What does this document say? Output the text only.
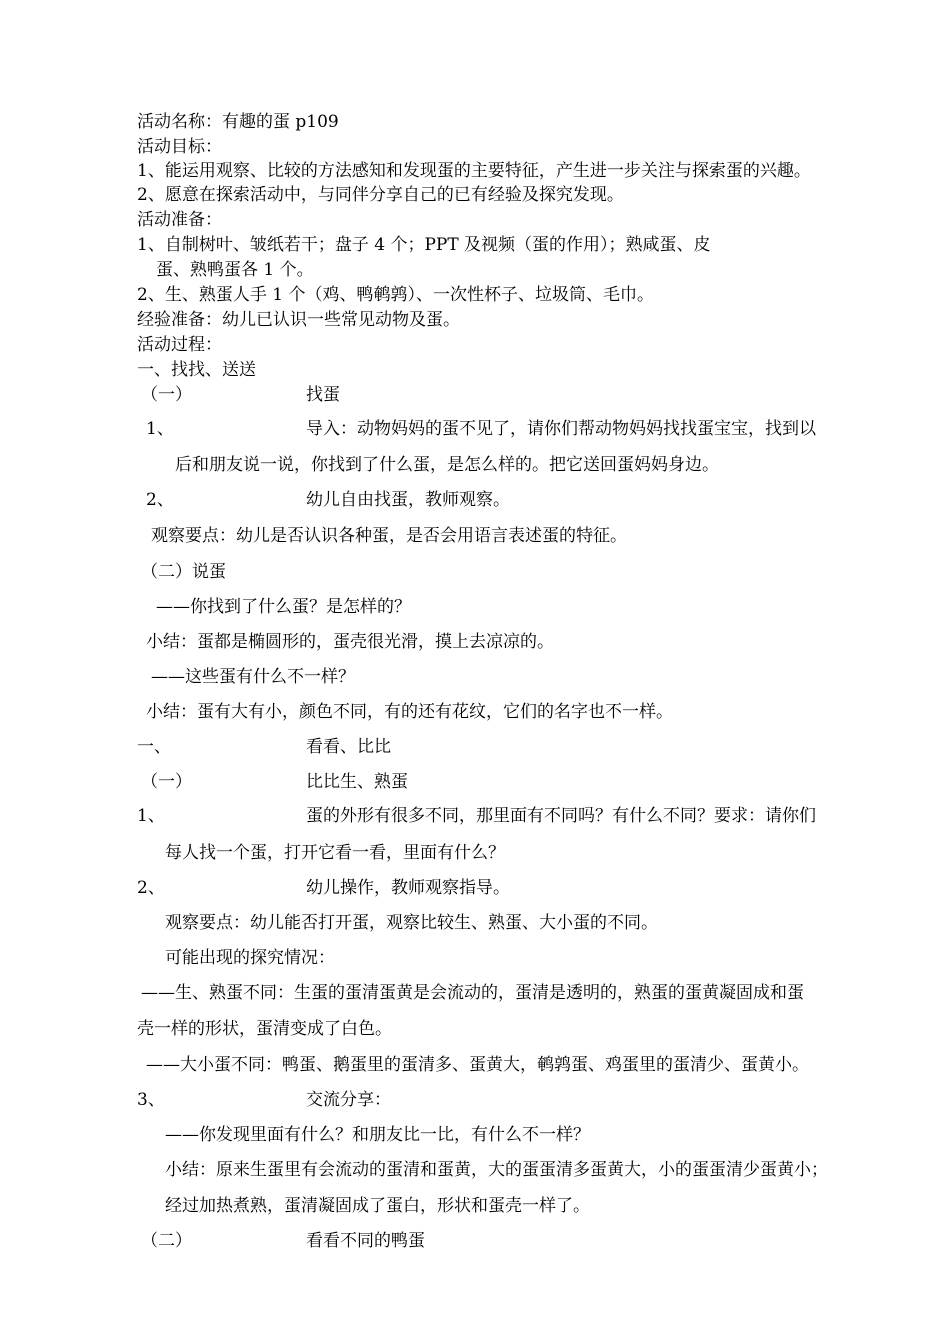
活动名称：有趣的蛋 p109
活动目标：
1、能运用观察、比较的方法感知和发现蛋的主要特征，产生进一步关注与探索蛋的兴趣。
2、愿意在探索活动中，与同伴分享自己的已有经验及探究发现。
活动准备：
1、自制树叶、皱纸若干；盘子 4 个；PPT 及视频（蛋的作用）；熟咸蛋、皮
蛋、熟鸭蛋各 1 个。
2、生、熟蛋人手 1 个（鸡、鸭鹌鹑）、一次性杯子、垃圾筒、毛巾。
经验准备：幼儿已认识一些常见动物及蛋。
活动过程：
一、找找、送送
（一）	找蛋
1、	导入：动物妈妈的蛋不见了，请你们帮动物妈妈找找蛋宝宝，找到以
后和朋友说一说，你找到了什么蛋，是怎么样的。把它送回蛋妈妈身边。
2、	幼儿自由找蛋，教师观察。
观察要点：幼儿是否认识各种蛋，是否会用语言表述蛋的特征。
（二）说蛋
——你找到了什么蛋？是怎样的？
小结：蛋都是椭圆形的，蛋壳很光滑，摸上去凉凉的。
——这些蛋有什么不一样？
小结：蛋有大有小，颜色不同，有的还有花纹，它们的名字也不一样。
一、	看看、比比
（一）	比比生、熟蛋
1、	蛋的外形有很多不同，那里面有不同吗？有什么不同？要求：请你们
每人找一个蛋，打开它看一看，里面有什么？
2、	幼儿操作，教师观察指导。
观察要点：幼儿能否打开蛋，观察比较生、熟蛋、大小蛋的不同。
可能出现的探究情况：
——生、熟蛋不同：生蛋的蛋清蛋黄是会流动的，蛋清是透明的，熟蛋的蛋黄凝固成和蛋
壳一样的形状，蛋清变成了白色。
——大小蛋不同：鸭蛋、鹅蛋里的蛋清多、蛋黄大，鹌鹑蛋、鸡蛋里的蛋清少、蛋黄小。
3、	交流分享：
——你发现里面有什么？和朋友比一比，有什么不一样？
小结：原来生蛋里有会流动的蛋清和蛋黄，大的蛋蛋清多蛋黄大，小的蛋蛋清少蛋黄小；
经过加热煮熟，蛋清凝固成了蛋白，形状和蛋壳一样了。
（二）	看看不同的鸭蛋
